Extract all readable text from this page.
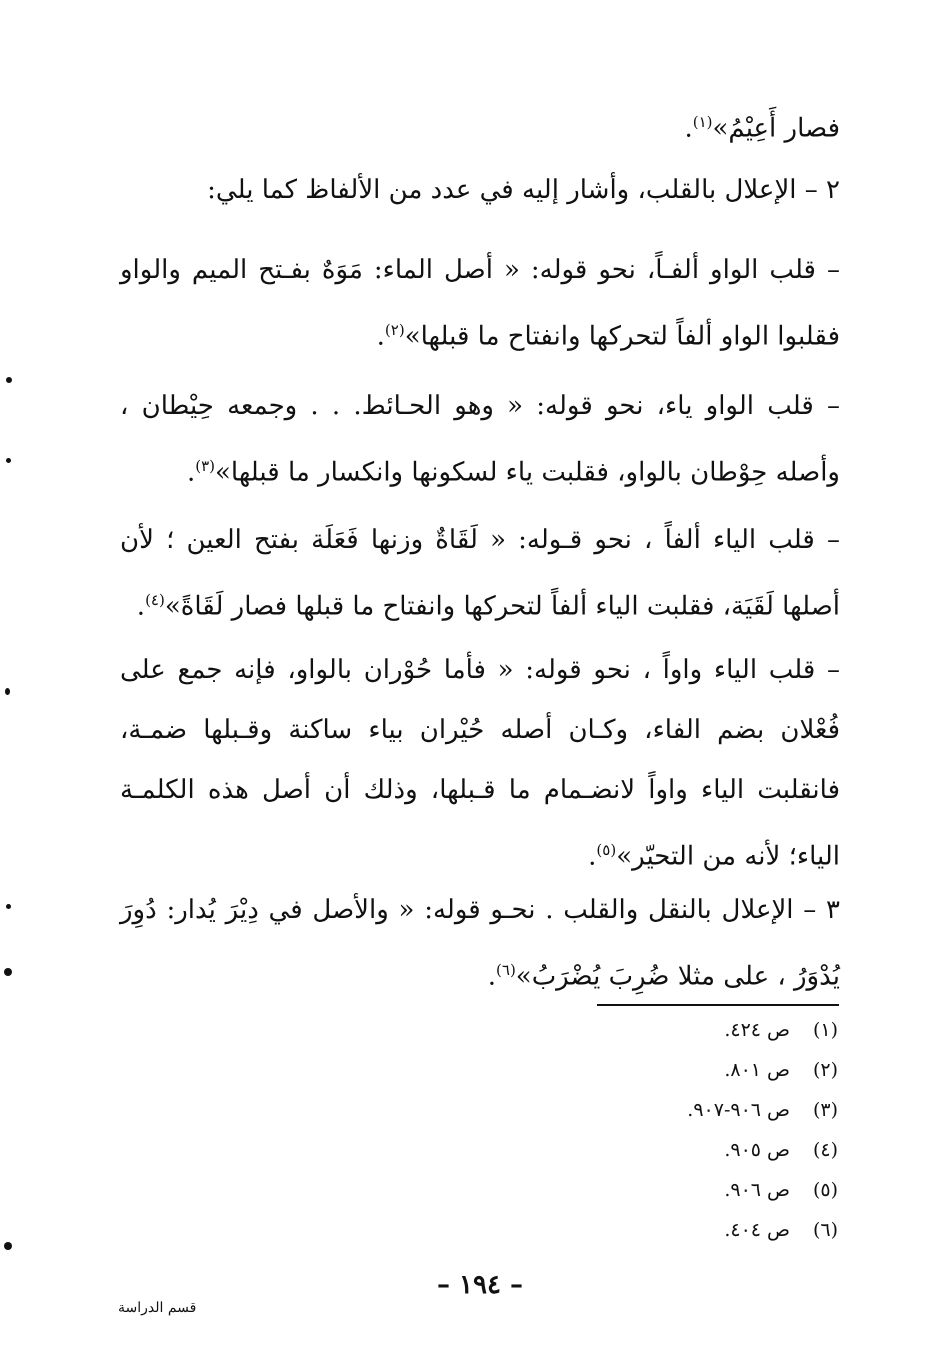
فصار أَعِيْمُ»$^{(١)}$.
٢ – الإعلال بالقلب، وأشار إليه في عدد من الألفاظ كما يلي:
– قلب الواو ألفـاً، نحو قوله: « أصل الماء: مَوَهٌ بفـتح الميم والواو فقلبوا الواو ألفاً لتحركها وانفتاح ما قبلها»$^{(٢)}$.
– قلب الواو ياء، نحو قوله: « وهو الحـائط. . . وجمعه حِيْطان ، وأصله حِوْطان بالواو، فقلبت ياء لسكونها وانكسار ما قبلها»$^{(٣)}$.
– قلب الياء ألفاً ، نحو قـوله: « لَقَاةٌ وزنها فَعَلَة بفتح العين ؛ لأن أصلها لَقَيَة، فقلبت الياء ألفاً لتحركها وانفتاح ما قبلها فصار لَقَاةً»$^{(٤)}$.
– قلب الياء واواً ، نحو قوله: « فأما حُوْران بالواو، فإنه جمع على فُعْلان بضم الفاء، وكـان أصله حُيْران بياء ساكنة وقـبلها ضمـة، فانقلبت الياء واواً لانضـمام ما قـبلها، وذلك أن أصل هذه الكلمـة الياء؛ لأنه من التحيّر»$^{(٥)}$.
٣ – الإعلال بالنقل والقلب . نحـو قوله: « والأصل في دِيْرَ يُدار: دُوِرَ يُدْوَرُ ، على مثلا ضُرِبَ يُضْرَبُ»$^{(٦)}$.
(١)ص ٤٢٤.
(٢)ص ٨٠١.
(٣)ص ٩٠٦-٩٠٧.
(٤)ص ٩٠٥.
(٥)ص ٩٠٦.
(٦)ص ٤٠٤.
– ١٩٤ –
قسم الدراسة
